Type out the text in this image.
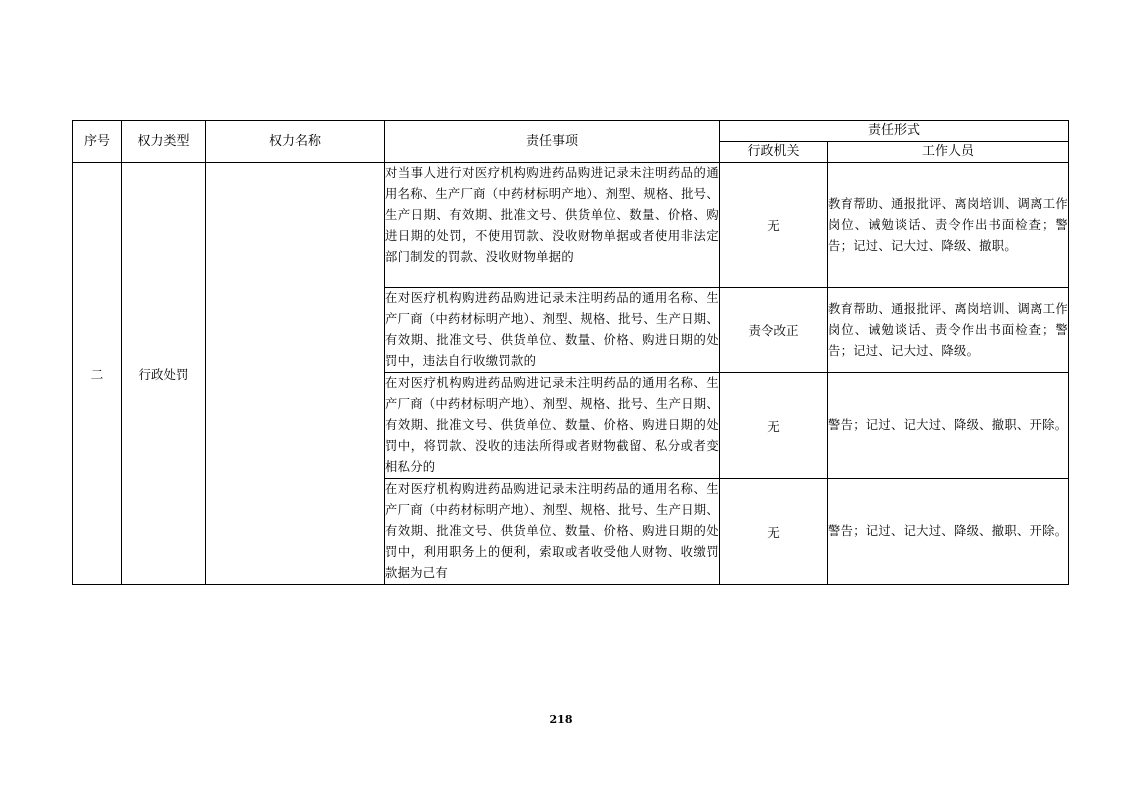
序号	权力类型	权力名称	责任事项	责任形式	
				行政机关	工作人员
二	行政处罚		对当事人进行对医疗机构购进药品购进记录未注明药品的通用名称、生产厂商（中药材标明产地）、剂型、规格、批号、生产日期、有效期、批准文号、供货单位、数量、价格、购进日期的处罚，不使用罚款、没收财物单据或者使用非法定部门制发的罚款、没收财物单据的	无	教育帮助、通报批评、离岗培训、调离工作岗位、诫勉谈话、责令作出书面检查；警告；记过、记大过、降级、撤职。
			在对医疗机构购进药品购进记录未注明药品的通用名称、生产厂商（中药材标明产地）、剂型、规格、批号、生产日期、有效期、批准文号、供货单位、数量、价格、购进日期的处罚中，违法自行收缴罚款的	责令改正	教育帮助、通报批评、离岗培训、调离工作岗位、诫勉谈话、责令作出书面检查；警告；记过、记大过、降级。
			在对医疗机构购进药品购进记录未注明药品的通用名称、生产厂商（中药材标明产地）、剂型、规格、批号、生产日期、有效期、批准文号、供货单位、数量、价格、购进日期的处罚中，将罚款、没收的违法所得或者财物截留、私分或者变相私分的	无	警告；记过、记大过、降级、撤职、开除。
			在对医疗机构购进药品购进记录未注明药品的通用名称、生产厂商（中药材标明产地）、剂型、规格、批号、生产日期、有效期、批准文号、供货单位、数量、价格、购进日期的处罚中，利用职务上的便利，索取或者收受他人财物、收缴罚款据为己有	无	警告；记过、记大过、降级、撤职、开除。
218
